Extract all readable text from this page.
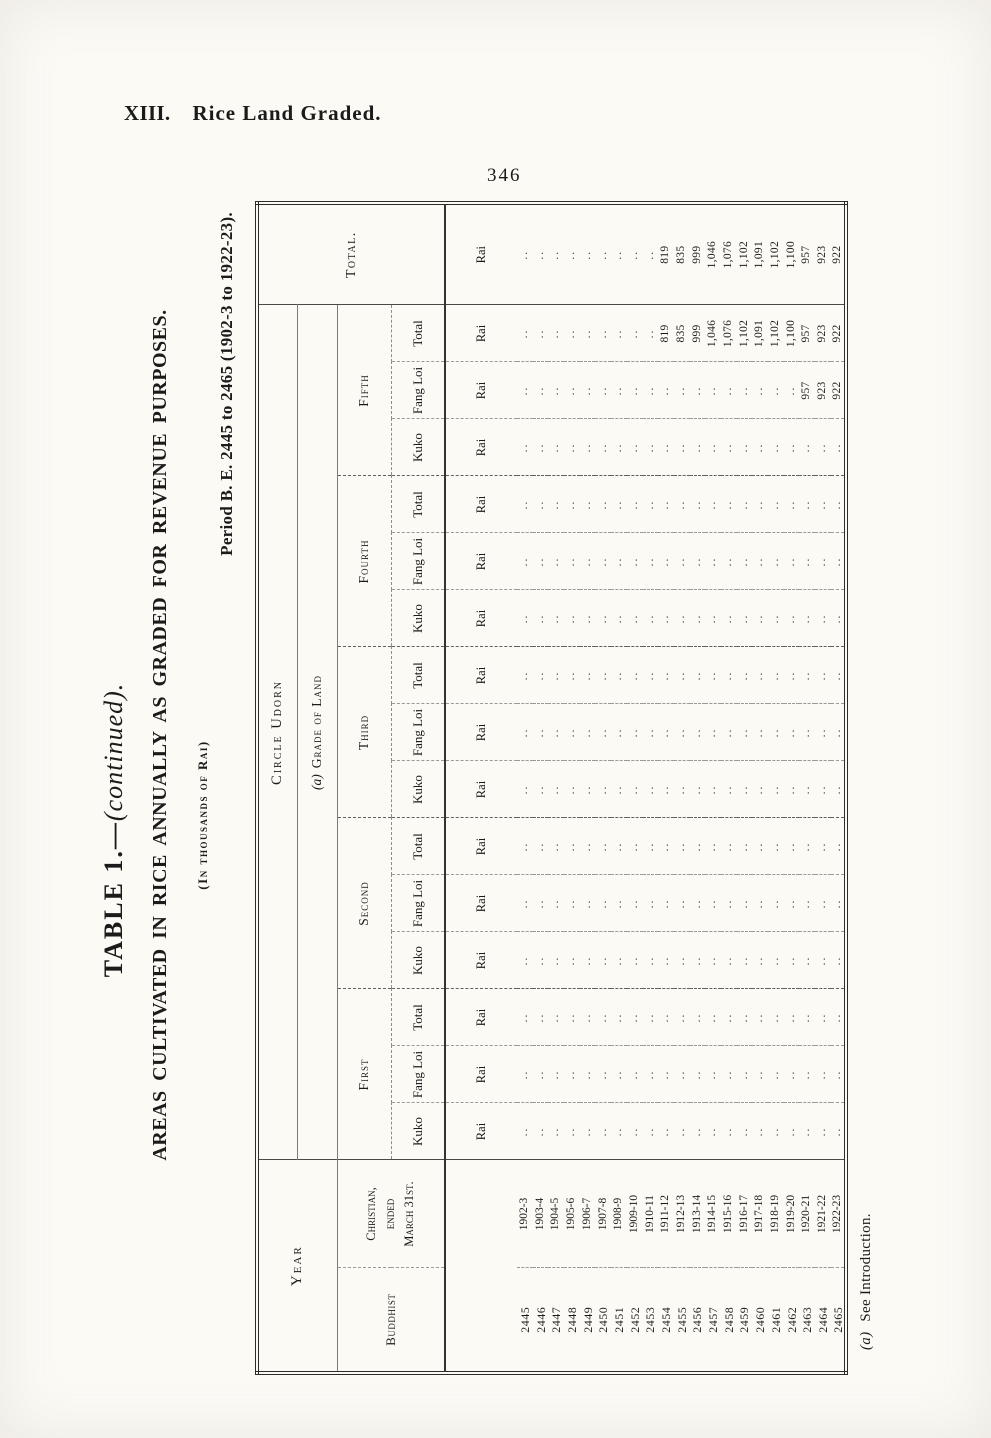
XIII. Rice Land Graded.
346
TABLE 1.—(continued). AREAS CULTIVATED IN RICE ANNUALLY AS GRADED FOR REVENUE PURPOSES. (In thousands of Rai)
Period B. E. 2445 to 2465 (1902-3 to 1922-23).
Year		Circle Udorn															Total.
		(a)Grade of Land															
Buddhist	Christian, ended March 31st.	First			Second			Third			Fourth			Fifth			
		Kuko	Fang Loi	Total	Kuko	Fang Loi	Total	Kuko	Fang Loi	Total	Kuko	Fang Loi	Total	Kuko	Fang Loi	Total	
		Rai	Rai	Rai	Rai	Rai	Rai	Rai	Rai	Rai	Rai	Rai	Rai	Rai	Rai	Rai	Rai
2445	1902-3	..	..	..	..	..	..	..	..	..	..	..	..	..	..	..	..
2446	1903-4	..	..	..	..	..	..	..	..	..	..	..	..	..	..	..	..
2447	1904-5	..	..	..	..	..	..	..	..	..	..	..	..	..	..	..	..
2448	1905-6	..	..	..	..	..	..	..	..	..	..	..	..	..	..	..	..
2449	1906-7	..	..	..	..	..	..	..	..	..	..	..	..	..	..	..	..
2450	1907-8	..	..	..	..	..	..	..	..	..	..	..	..	..	..	..	..
2451	1908-9	..	..	..	..	..	..	..	..	..	..	..	..	..	..	..	..
2452	1909-10	..	..	..	..	..	..	..	..	..	..	..	..	..	..	..	..
2453	1910-11	..	..	..	..	..	..	..	..	..	..	..	..	..	..	..	..
2454	1911-12	..	..	..	..	..	..	..	..	..	..	..	..	..	..	819	819
2455	1912-13	..	..	..	..	..	..	..	..	..	..	..	..	..	..	835	835
2456	1913-14	..	..	..	..	..	..	..	..	..	..	..	..	..	..	999	999
2457	1914-15	..	..	..	..	..	..	..	..	..	..	..	..	..	..	1,046	1,046
2458	1915-16	..	..	..	..	..	..	..	..	..	..	..	..	..	..	1,076	1,076
2459	1916-17	..	..	..	..	..	..	..	..	..	..	..	..	..	..	1,102	1,102
2460	1917-18	..	..	..	..	..	..	..	..	..	..	..	..	..	..	1,091	1,091
2461	1918-19	..	..	..	..	..	..	..	..	..	..	..	..	..	..	1,102	1,102
2462	1919-20	..	..	..	..	..	..	..	..	..	..	..	..	..	..	1,100	1,100
2463	1920-21	..	..	..	..	..	..	..	..	..	..	..	..	..	957	957	957
2464	1921-22	..	..	..	..	..	..	..	..	..	..	..	..	..	923	923	923
2465	1922-23	..	..	..	..	..	..	..	..	..	..	..	..	..	922	922	922
(a)See Introduction.
